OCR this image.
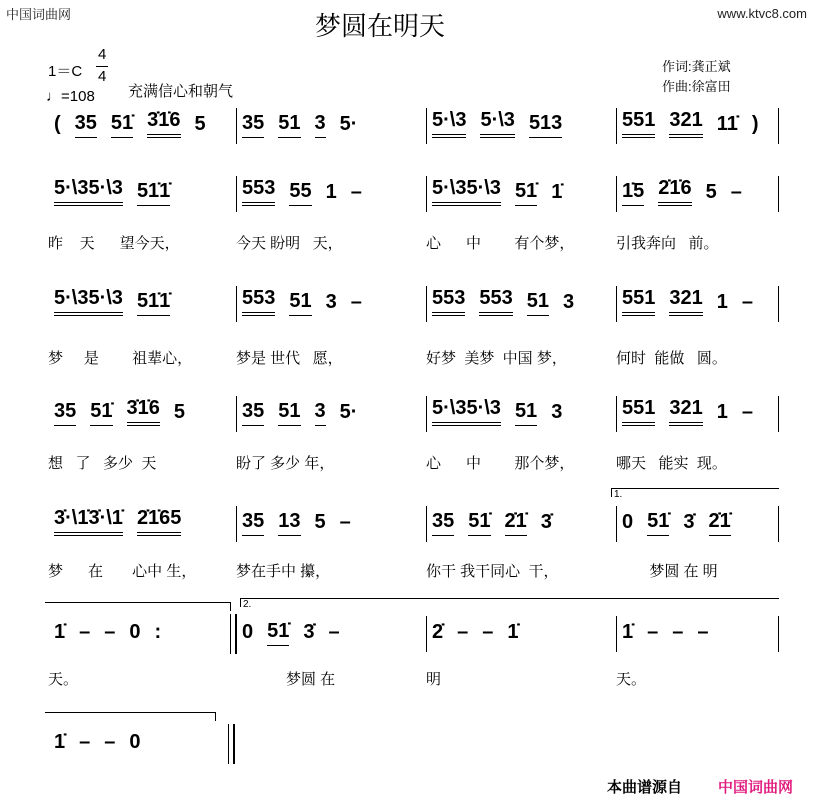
中国词曲网	www.ktvc8.com
梦圆在明天
1＝C
4
4
♩=108 充满信心和朝气
作词:龚正斌
作曲:徐富田
( 35 51̇ 3̇1̇6 5 35 51 3 5·	5·\3 5·\3 513	551 321 11̇ )
5·\35·\3 51̇1̇	553 55 1 –	5·\35·\3 51̇ 1̇	1̇5 2̇1̇6 5 –
昨    天      望今天，	今天 盼明   天，	心      中        有个梦，	引我奔向   前。
5·\35·\3 51̇1̇	553 51 3 –	553 553 51 3 551 321 1 –
梦     是        祖辈心，	梦是 世代   愿，	好梦  美梦  中国 梦，	何时  能做   圆。
35 51̇ 3̇1̇6 5	35 51 3 5·	5·\35·\3 51 3	551 321 1 –
想   了   多少  天	盼了 多少 年，	心      中        那个梦，	哪天   能实  现。
3̇·\1̇3̇·\1̇ 2̇1̇65	35 13 5 –	35 51̇ 2̇1̇ 3̇	0 51̇ 3̇ 2̇1̇
梦      在       心中 生，	梦在手中 攥，	你干 我干同心  干，	梦圆 在 明
1.
1̇ – – 0 :	0 51̇ 3̇ –	2̇ – – 1̇	1̇ – – –
天。	梦圆 在	明	天。
2.
1̇ – – 0
本曲谱源自 中国词曲网
